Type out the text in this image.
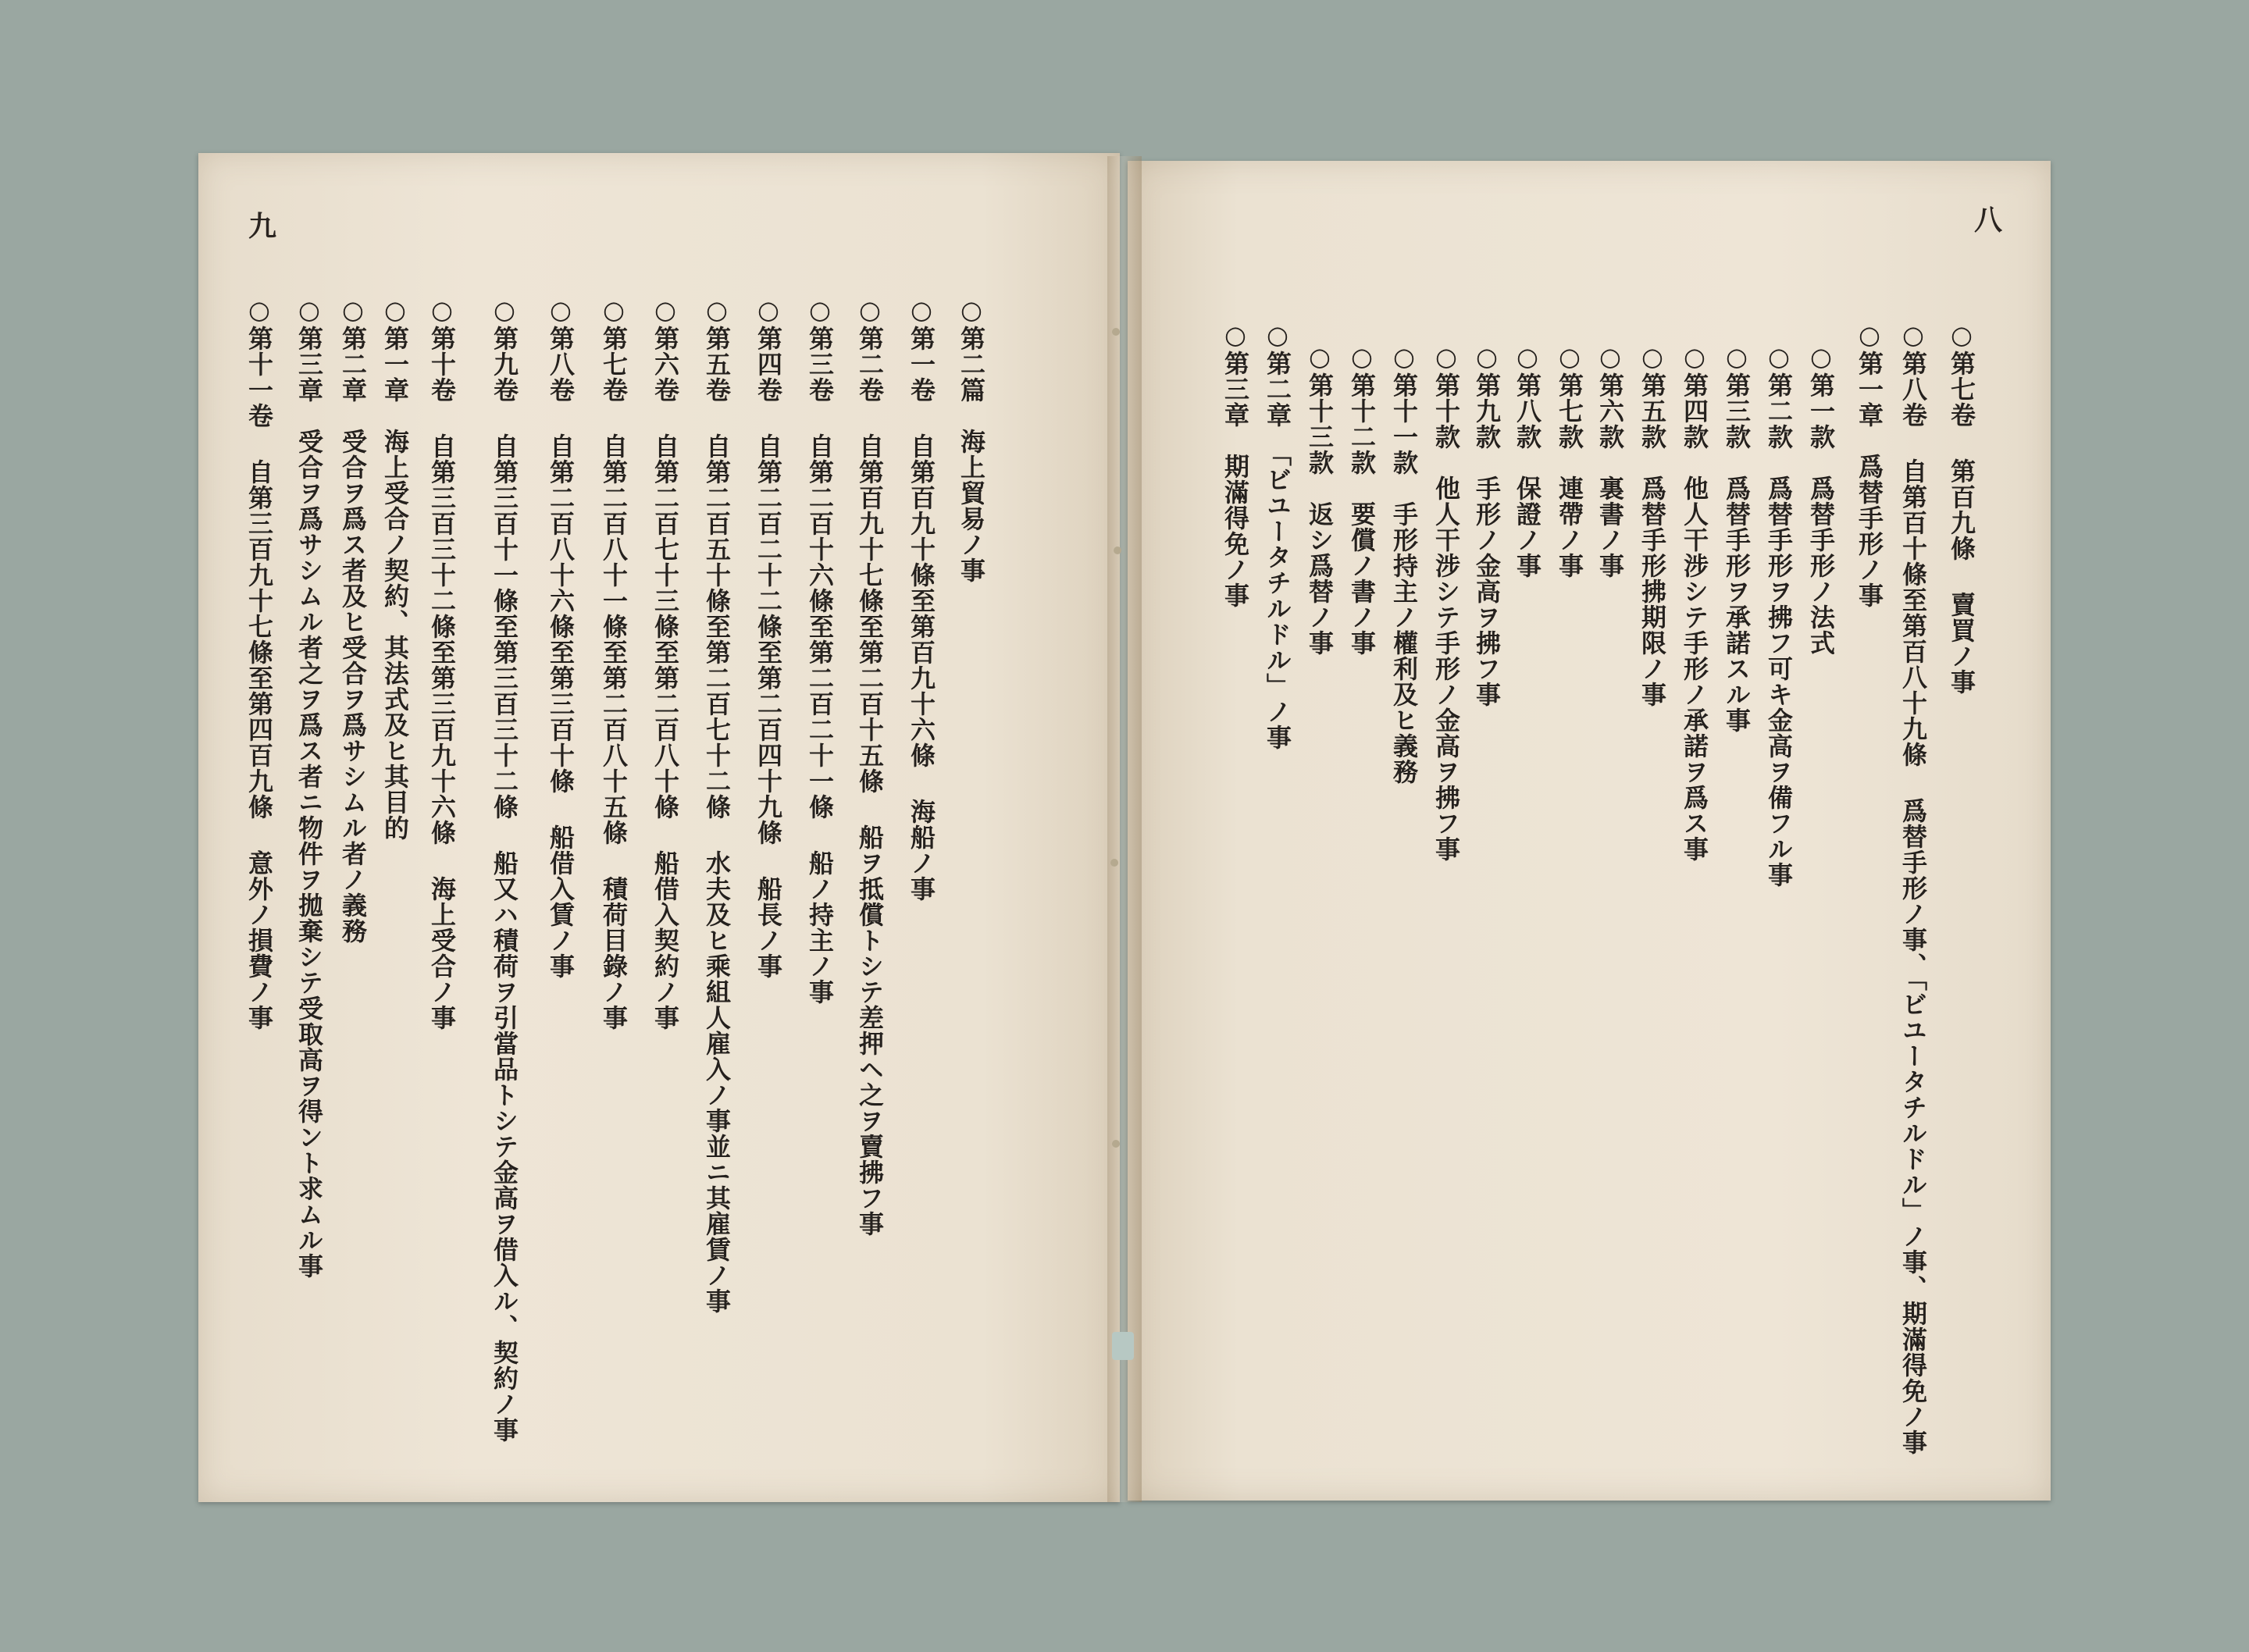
九
○第二篇　海上貿易ノ事
○第一卷 自第百九十條至第百九十六條 海船ノ事
○第二卷 自第百九十七條至第二百十五條 船ヲ抵償トシテ差押ヘ之ヲ賣拂フ事
○第三卷 自第二百十六條至第二百二十一條 船ノ持主ノ事
○第四卷 自第二百二十二條至第二百四十九條 船長ノ事
○第五卷 自第二百五十條至第二百七十二條 水夫及ヒ乘組人雇入ノ事並ニ其雇賃ノ事
○第六卷 自第二百七十三條至第二百八十條 船借入契約ノ事
○第七卷 自第二百八十一條至第二百八十五條 積荷目錄ノ事
○第八卷 自第二百八十六條至第三百十條 船借入賃ノ事
○第九卷 自第三百十一條至第三百三十二條 船又ハ積荷ヲ引當品トシテ金高ヲ借入ル、契約ノ事
○第十卷 自第三百三十二條至第三百九十六條 海上受合ノ事
○第一章　海上受合ノ契約、其法式及ヒ其目的
○第二章　受合ヲ爲ス者及ヒ受合ヲ爲サシムル者ノ義務
○第三章　受合ヲ爲サシムル者之ヲ爲ス者ニ物件ヲ拋棄シテ受取高ヲ得ント求ムル事
○第十一卷 自第三百九十七條至第四百九條 意外ノ損費ノ事
八
○第七卷 第百九條 賣買ノ事
○第八卷 自第百十條至第百八十九條 爲替手形ノ事、「ビユータチルドル」ノ事、期滿得免ノ事
○第一章　爲替手形ノ事
○第一款　爲替手形ノ法式
○第二款　爲替手形ヲ拂フ可キ金高ヲ備フル事
○第三款　爲替手形ヲ承諾スル事
○第四款　他人干涉シテ手形ノ承諾ヲ爲ス事
○第五款　爲替手形拂期限ノ事
○第六款　裏書ノ事
○第七款　連帶ノ事
○第八款　保證ノ事
○第九款　手形ノ金高ヲ拂フ事
○第十款　他人干涉シテ手形ノ金高ヲ拂フ事
○第十一款　手形持主ノ權利及ヒ義務
○第十二款　要償ノ書ノ事
○第十三款　返シ爲替ノ事
○第二章　「ビユータチルドル」ノ事
○第三章　期滿得免ノ事
